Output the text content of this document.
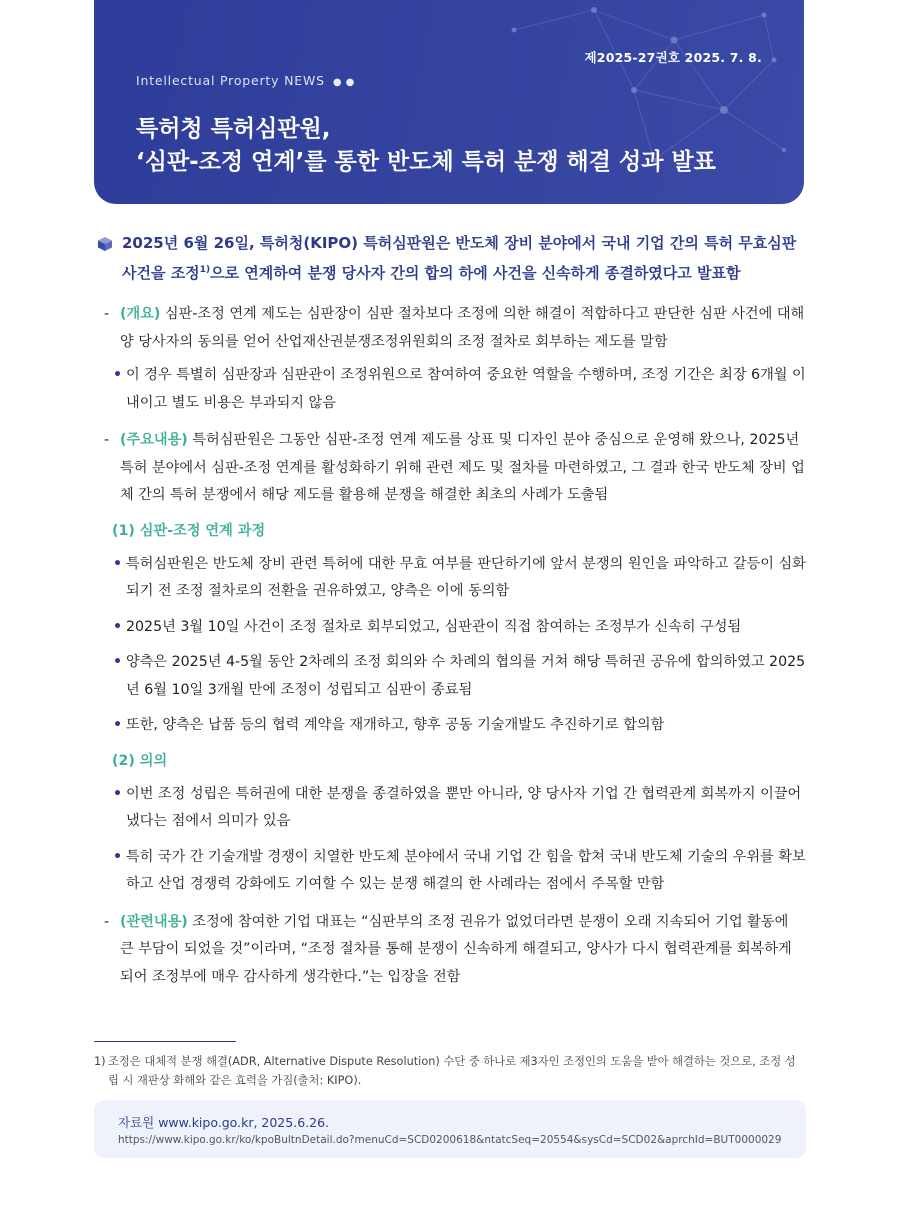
제2025-27권호 2025. 7. 8.
Intellectual Property NEWS ●●
특허청 특허심판원,
‘심판-조정 연계’를 통한 반도체 특허 분쟁 해결 성과 발표
2025년 6월 26일, 특허청(KIPO) 특허심판원은 반도체 장비 분야에서 국내 기업 간의 특허 무효심판 사건을 조정$^{1)}$으로 연계하여 분쟁 당사자 간의 합의 하에 사건을 신속하게 종결하였다고 발표함
- (개요) 심판-조정 연계 제도는 심판장이 심판 절차보다 조정에 의한 해결이 적합하다고 판단한 심판 사건에 대해 양 당사자의 동의를 얻어 산업재산권분쟁조정위원회의 조정 절차로 회부하는 제도를 말함
• 이 경우 특별히 심판장과 심판관이 조정위원으로 참여하여 중요한 역할을 수행하며, 조정 기간은 최장 6개월 이내이고 별도 비용은 부과되지 않음
- (주요내용) 특허심판원은 그동안 심판-조정 연계 제도를 상표 및 디자인 분야 중심으로 운영해 왔으나, 2025년 특허 분야에서 심판-조정 연계를 활성화하기 위해 관련 제도 및 절차를 마련하였고, 그 결과 한국 반도체 장비 업체 간의 특허 분쟁에서 해당 제도를 활용해 분쟁을 해결한 최초의 사례가 도출됨
(1) 심판-조정 연계 과정
• 특허심판원은 반도체 장비 관련 특허에 대한 무효 여부를 판단하기에 앞서 분쟁의 원인을 파악하고 갈등이 심화되기 전 조정 절차로의 전환을 권유하였고, 양측은 이에 동의함
• 2025년 3월 10일 사건이 조정 절차로 회부되었고, 심판관이 직접 참여하는 조정부가 신속히 구성됨
• 양측은 2025년 4-5월 동안 2차례의 조정 회의와 수 차례의 협의를 거쳐 해당 특허권 공유에 합의하였고 2025년 6월 10일 3개월 만에 조정이 성립되고 심판이 종료됨
• 또한, 양측은 납품 등의 협력 계약을 재개하고, 향후 공동 기술개발도 추진하기로 합의함
(2) 의의
• 이번 조정 성립은 특허권에 대한 분쟁을 종결하였을 뿐만 아니라, 양 당사자 기업 간 협력관계 회복까지 이끌어 냈다는 점에서 의미가 있음
• 특히 국가 간 기술개발 경쟁이 치열한 반도체 분야에서 국내 기업 간 힘을 합쳐 국내 반도체 기술의 우위를 확보하고 산업 경쟁력 강화에도 기여할 수 있는 분쟁 해결의 한 사례라는 점에서 주목할 만함
- (관련내용) 조정에 참여한 기업 대표는 “심판부의 조정 권유가 없었더라면 분쟁이 오래 지속되어 기업 활동에 큰 부담이 되었을 것”이라며, “조정 절차를 통해 분쟁이 신속하게 해결되고, 양사가 다시 협력관계를 회복하게 되어 조정부에 매우 감사하게 생각한다.”는 입장을 전함
1) 조정은 대체적 분쟁 해결(ADR, Alternative Dispute Resolution) 수단 중 하나로 제3자인 조정인의 도움을 받아 해결하는 것으로, 조정 성립 시 재판상 화해와 같은 효력을 가짐(출처: KIPO).
자료원 www.kipo.go.kr, 2025.6.26.
https://www.kipo.go.kr/ko/kpoBultnDetail.do?menuCd=SCD0200618&ntatcSeq=20554&sysCd=SCD02&aprchId=BUT0000029
